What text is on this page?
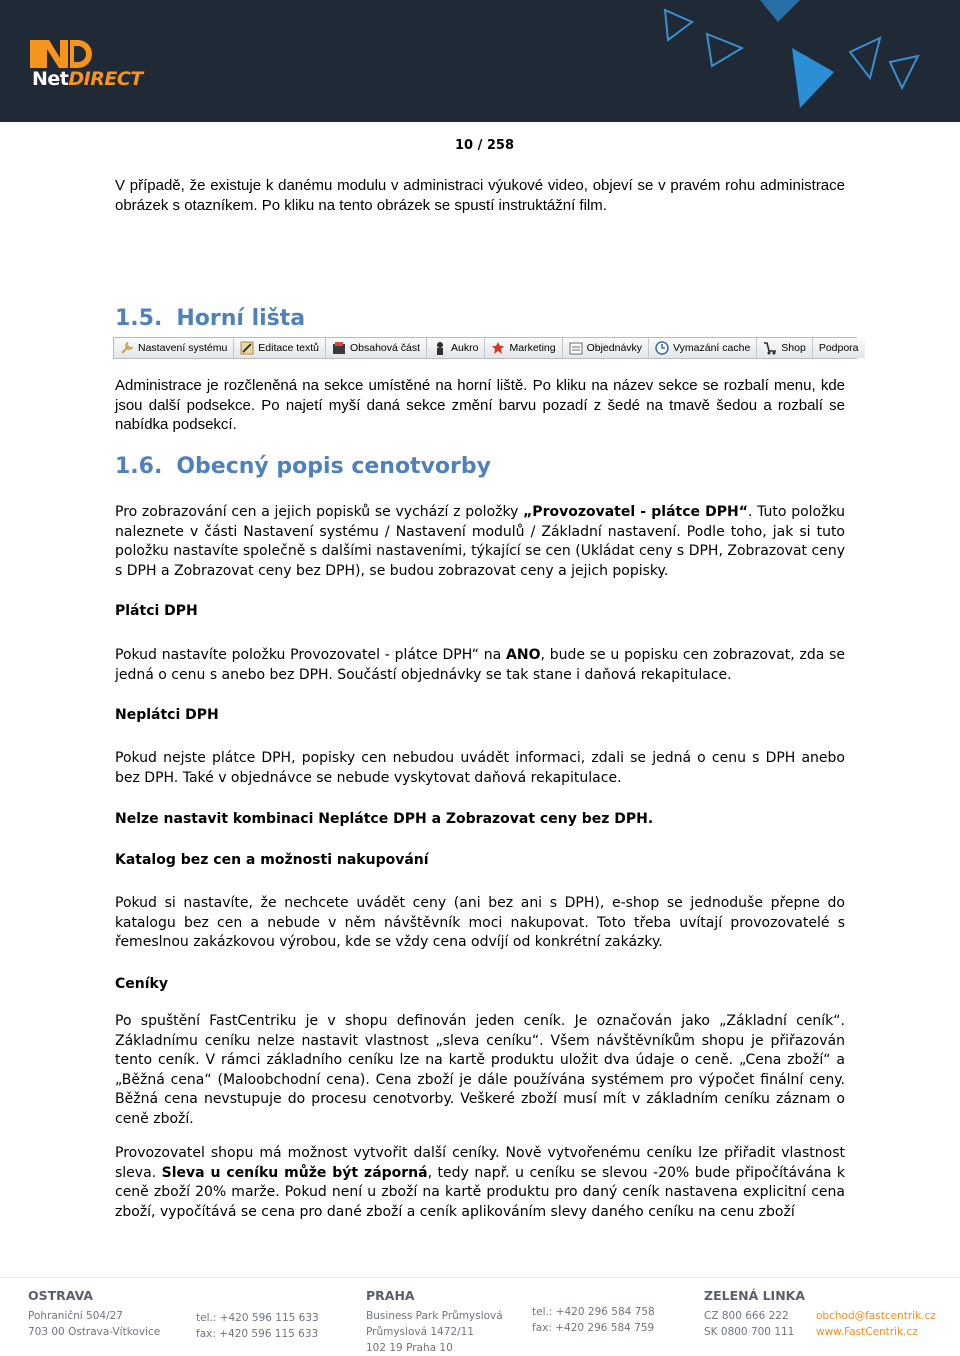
NetDIRECT
10 / 258

V případě, že existuje k danému modulu v administraci výukové video, objeví se v pravém rohu administrace obrázek s otazníkem. Po kliku na tento obrázek se spustí instruktážní film.

1.5. Horní lišta
Nastavení systému	Editace textů	Obsahová část	Aukro	Marketing	Objednávky	Vymazání cache	Shop Podpora

Administrace je rozčleněná na sekce umístěné na horní liště. Po kliku na název sekce se rozbalí menu, kde jsou další podsekce. Po najetí myší daná sekce změní barvu pozadí z šedé na tmavě šedou a rozbalí se nabídka podsekcí.

1.6. Obecný popis cenotvorby

Pro zobrazování cen a jejich popisků se vychází z položky „Provozovatel - plátce DPH“. Tuto položku naleznete v části Nastavení systému / Nastavení modulů / Základní nastavení. Podle toho, jak si tuto položku nastavíte společně s dalšími nastaveními, týkající se cen (Ukládat ceny s DPH, Zobrazovat ceny s DPH a Zobrazovat ceny bez DPH), se budou zobrazovat ceny a jejich popisky.

Plátci DPH

Pokud nastavíte položku Provozovatel - plátce DPH“ na ANO, bude se u popisku cen zobrazovat, zda se jedná o cenu s anebo bez DPH. Součástí objednávky se tak stane i daňová rekapitulace.

Neplátci DPH

Pokud nejste plátce DPH, popisky cen nebudou uvádět informaci, zdali se jedná o cenu s DPH anebo bez DPH. Také v objednávce se nebude vyskytovat daňová rekapitulace.

Nelze nastavit kombinaci Neplátce DPH a Zobrazovat ceny bez DPH.
Katalog bez cen a možnosti nakupování

Pokud si nastavíte, že nechcete uvádět ceny (ani bez ani s DPH), e-shop se jednoduše přepne do katalogu bez cen a nebude v něm návštěvník moci nakupovat. Toto třeba uvítají provozovatelé s řemeslnou zakázkovou výrobou, kde se vždy cena odvíjí od konkrétní zakázky.

Ceníky

Po spuštění FastCentriku je v shopu definován jeden ceník. Je označován jako „Základní ceník“. Základnímu ceníku nelze nastavit vlastnost „sleva ceníku“. Všem návštěvníkům shopu je přiřazován tento ceník. V rámci základního ceníku lze na kartě produktu uložit dva údaje o ceně. „Cena zboží“ a „Běžná cena“ (Maloobchodní cena). Cena zboží je dále používána systémem pro výpočet finální ceny. Běžná cena nevstupuje do procesu cenotvorby. Veškeré zboží musí mít v základním ceníku záznam o ceně zboží.

Provozovatel shopu má možnost vytvořit další ceníky. Nově vytvořenému ceníku lze přiřadit vlastnost sleva. Sleva u ceníku může být záporná, tedy např. u ceníku se slevou -20% bude připočítávána k ceně zboží 20% marže. Pokud není u zboží na kartě produktu pro daný ceník nastavena explicitní cena zboží, vypočítává se cena pro dané zboží a ceník aplikováním slevy daného ceníku na cenu zboží

OSTRAVA
Pohraniční 504/27
703 00 Ostrava-Vítkovice
tel.: +420 596 115 633
fax: +420 596 115 633
PRAHA
Business Park Průmyslová
Průmyslová 1472/11
102 19 Praha 10
tel.: +420 296 584 758
fax: +420 296 584 759
ZELENÁ LINKA
CZ 800 666 222
SK 0800 700 111
obchod@fastcentrik.cz
www.FastCentrik.cz
